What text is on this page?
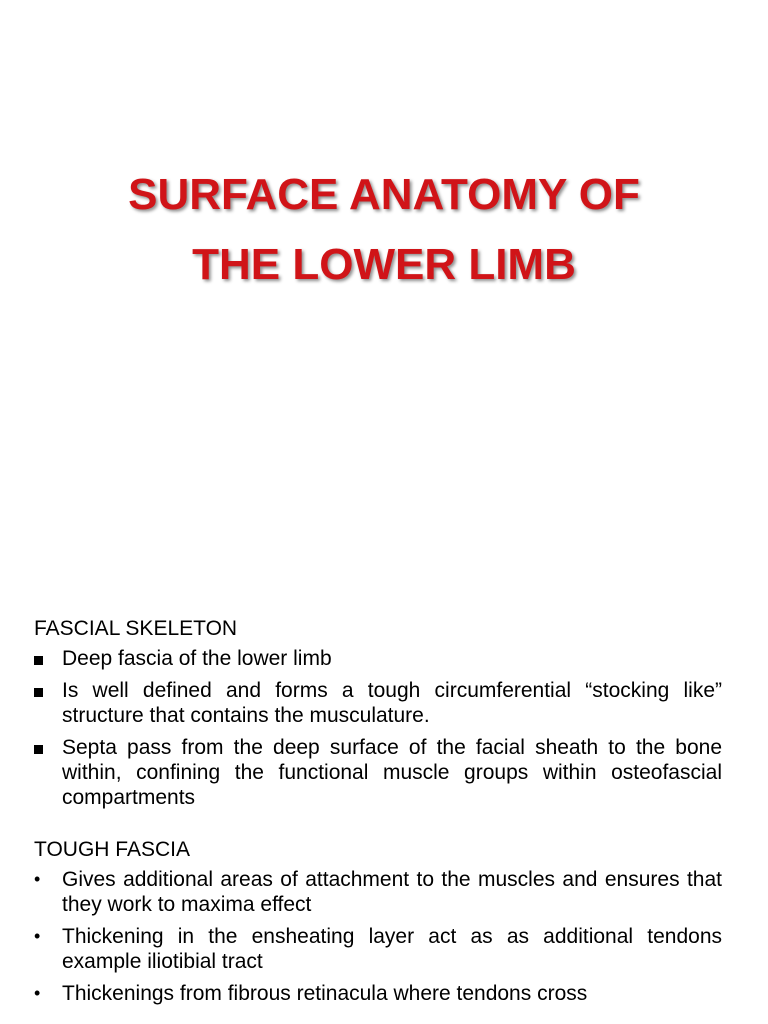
SURFACE ANATOMY OF
THE LOWER LIMB
FASCIAL SKELETON
Deep fascia of the lower limb
Is well defined and forms a tough circumferential “stocking like” structure that contains the musculature.
Septa pass from the deep surface of the facial sheath to the bone within, confining the functional muscle groups within osteofascial compartments
TOUGH FASCIA
•	Gives additional areas of attachment to the muscles and ensures that they work to maxima effect
•	Thickening in the ensheating layer act as as additional tendons example iliotibial tract
•	Thickenings from fibrous retinacula where tendons cross
